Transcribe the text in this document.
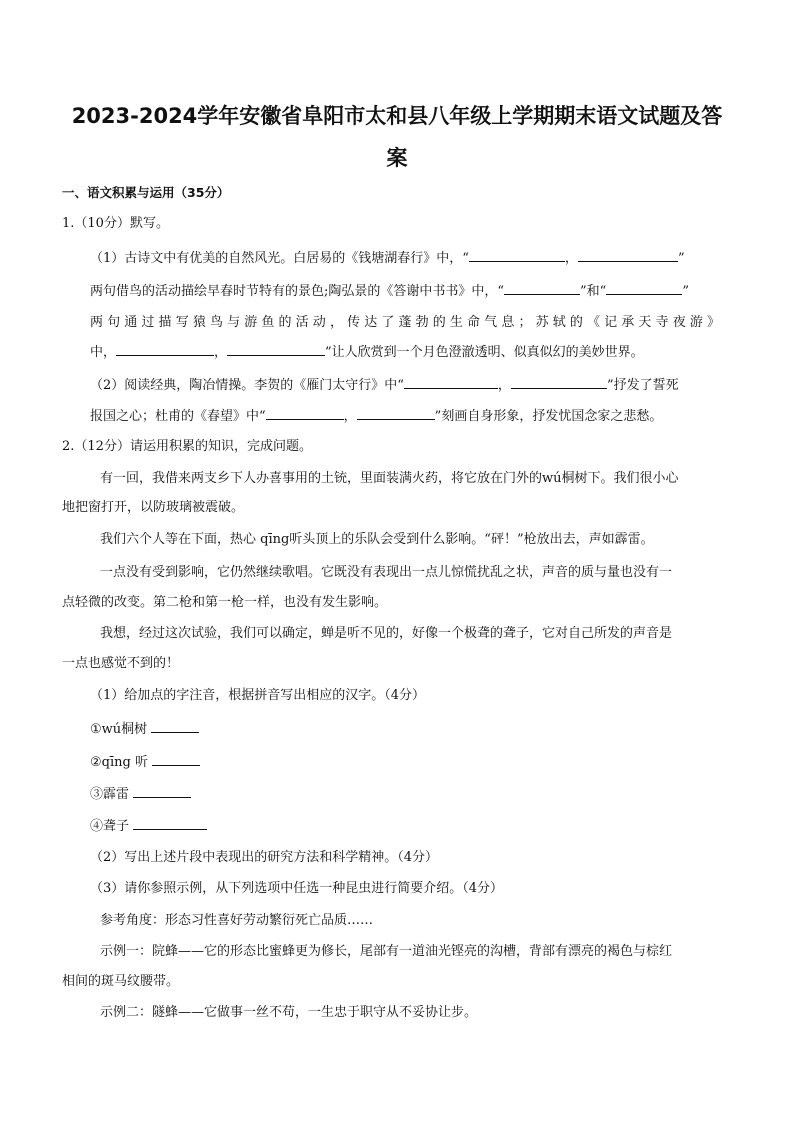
2023-2024学年安徽省阜阳市太和县八年级上学期期末语文试题及答
案
一、语文积累与运用（35分）
1.（10分）默写。
（1）古诗文中有优美的自然风光。白居易的《钱塘湖春行》中，“	，	”
两句借鸟的活动描绘早春时节特有的景色;陶弘景的《答谢中书书》中，“	”和“	”
两句通过描写猿鸟与游鱼的活动，传达了蓬勃的生命气息；苏轼的《记承天寺夜游》
中，	，	”让人欣赏到一个月色澄澈透明、似真似幻的美妙世界。
（2）阅读经典，陶冶情操。李贺的《雁门太守行》中“	，	”抒发了誓死
报国之心；杜甫的《春望》中“	，	”刻画自身形象，抒发忧国念家之悲愁。
2.（12分）请运用积累的知识，完成问题。
有一回，我借来两支乡下人办喜事用的土铳，里面装满火药，将它放在门外的wú桐树下。我们很小心
地把窗打开，以防玻璃被震破。
我们六个人等在下面，热心 qīng听头顶上的乐队会受到什么影响。“砰！”枪放出去，声如霹雷。
一点没有受到影响，它仍然继续歌唱。它既没有表现出一点儿惊慌扰乱之状，声音的质与量也没有一
点轻微的改变。第二枪和第一枪一样，也没有发生影响。
我想，经过这次试验，我们可以确定，蝉是听不见的，好像一个极聋的聋子，它对自己所发的声音是
一点也感觉不到的！
（1）给加点的字注音，根据拼音写出相应的汉字。（4分）
①wú桐树
②qīng 听
③霹雷
④聋子
（2）写出上述片段中表现出的研究方法和科学精神。（4分）
（3）请你参照示例，从下列选项中任选一种昆虫进行简要介绍。（4分）
参考角度：形态习性喜好劳动繁衍死亡品质……
示例一：院蜂——它的形态比蜜蜂更为修长，尾部有一道油光铿亮的沟槽，背部有漂亮的褐色与棕红
相间的斑马纹腰带。
示例二：隧蜂——它做事一丝不苟，一生忠于职守从不妥协让步。
